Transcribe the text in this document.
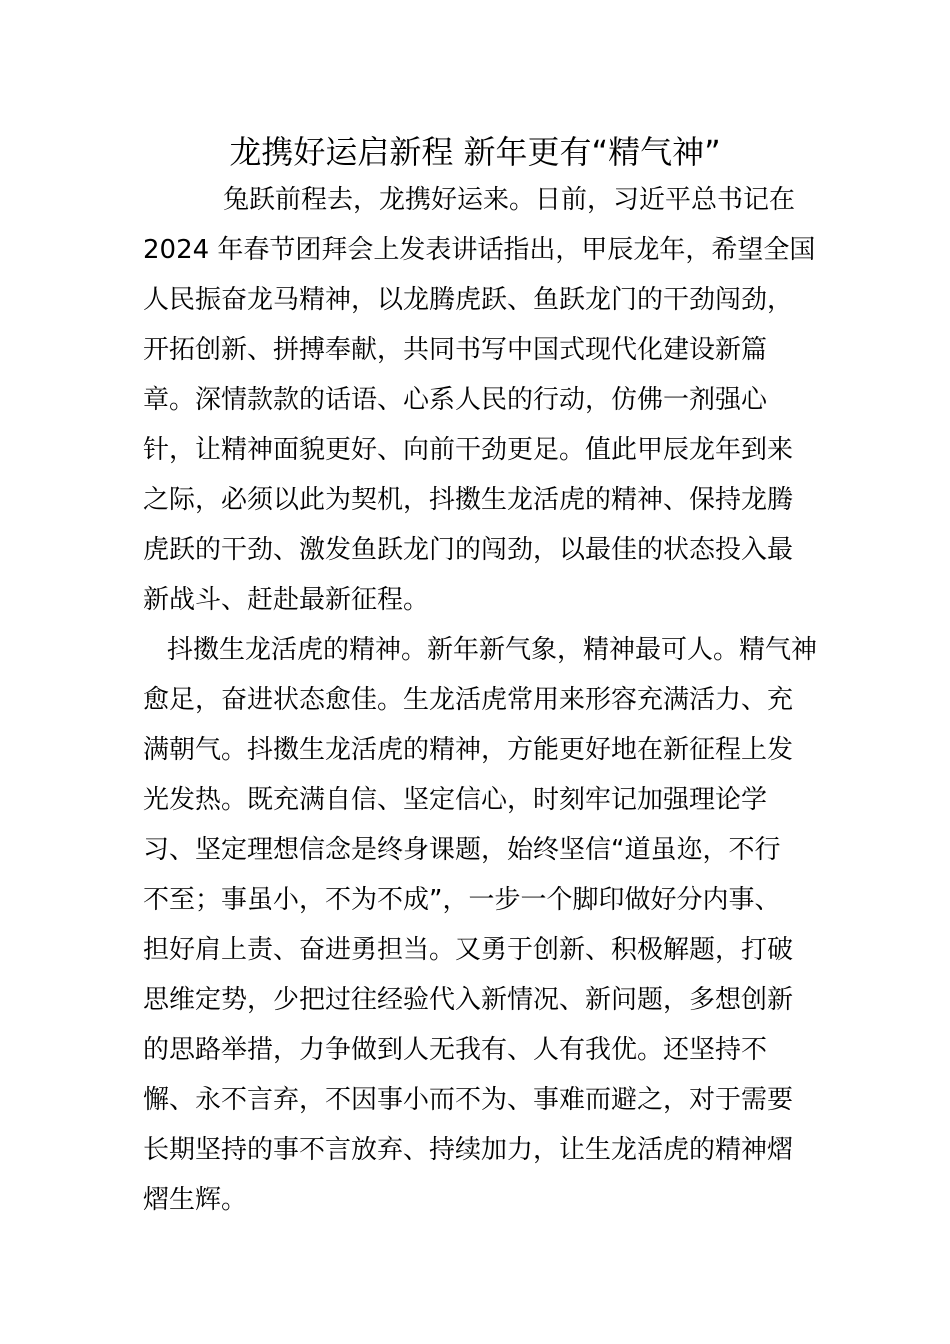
龙携好运启新程 新年更有“精气神”
兔跃前程去，龙携好运来。日前，习近平总书记在
2024 年春节团拜会上发表讲话指出，甲辰龙年，希望全国
人民振奋龙马精神，以龙腾虎跃、鱼跃龙门的干劲闯劲，
开拓创新、拼搏奉献，共同书写中国式现代化建设新篇
章。深情款款的话语、心系人民的行动，仿佛一剂强心
针，让精神面貌更好、向前干劲更足。值此甲辰龙年到来
之际，必须以此为契机，抖擞生龙活虎的精神、保持龙腾
虎跃的干劲、激发鱼跃龙门的闯劲，以最佳的状态投入最
新战斗、赶赴最新征程。
抖擞生龙活虎的精神。新年新气象，精神最可人。精气神
愈足，奋进状态愈佳。生龙活虎常用来形容充满活力、充
满朝气。抖擞生龙活虎的精神，方能更好地在新征程上发
光发热。既充满自信、坚定信心，时刻牢记加强理论学
习、坚定理想信念是终身课题，始终坚信“道虽迩，不行
不至；事虽小，不为不成”，一步一个脚印做好分内事、
担好肩上责、奋进勇担当。又勇于创新、积极解题，打破
思维定势，少把过往经验代入新情况、新问题，多想创新
的思路举措，力争做到人无我有、人有我优。还坚持不
懈、永不言弃，不因事小而不为、事难而避之，对于需要
长期坚持的事不言放弃、持续加力，让生龙活虎的精神熠
熠生辉。
